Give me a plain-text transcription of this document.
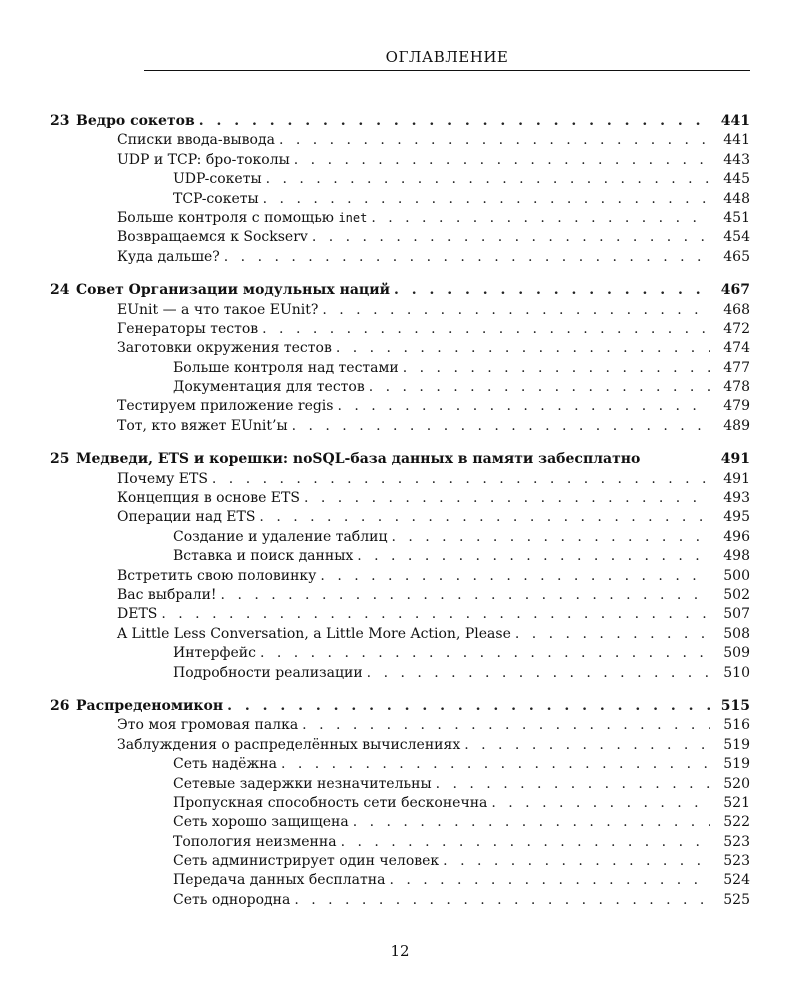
ОГЛАВЛЕНИЕ
23 Ведро сокетов . . .	441
Списки ввода-вывода . . .	441
UDP и TCP: бро-токолы . . .	443
UDP-сокеты . . .	445
TCP-сокеты . . .	448
Больше контроля с помощью inet . . .	451
Возвращаемся к Sockserv . . .	454
Куда дальше? . . .	465
24 Совет Организации модульных наций . . .	467
EUnit — а что такое EUnit? . . .	468
Генераторы тестов . . .	472
Заготовки окружения тестов . . .	474
Больше контроля над тестами . . .	477
Документация для тестов . . .	478
Тестируем приложение regis . . .	479
Тот, кто вяжет EUnit’ы . . .	489
25 Медведи, ETS и корешки: noSQL-база данных в памяти забесплатно	491
Почему ETS . . .	491
Концепция в основе ETS . . .	493
Операции над ETS . . .	495
Создание и удаление таблиц . . .	496
Вставка и поиск данных . . .	498
Встретить свою половинку . . .	500
Вас выбрали! . . .	502
DETS . . .	507
A Little Less Conversation, a Little More Action, Please . . .	508
Интерфейс . . .	509
Подробности реализации . . .	510
26 Распреденомикон . . .	515
Это моя громовая палка . . .	516
Заблуждения о распределённых вычислениях . . .	519
Сеть надёжна . . .	519
Сетевые задержки незначительны . . .	520
Пропускная способность сети бесконечна . . .	521
Сеть хорошо защищена . . .	522
Топология неизменна . . .	523
Сеть администрирует один человек . . .	523
Передача данных бесплатна . . .	524
Сеть однородна . . .	525
12
